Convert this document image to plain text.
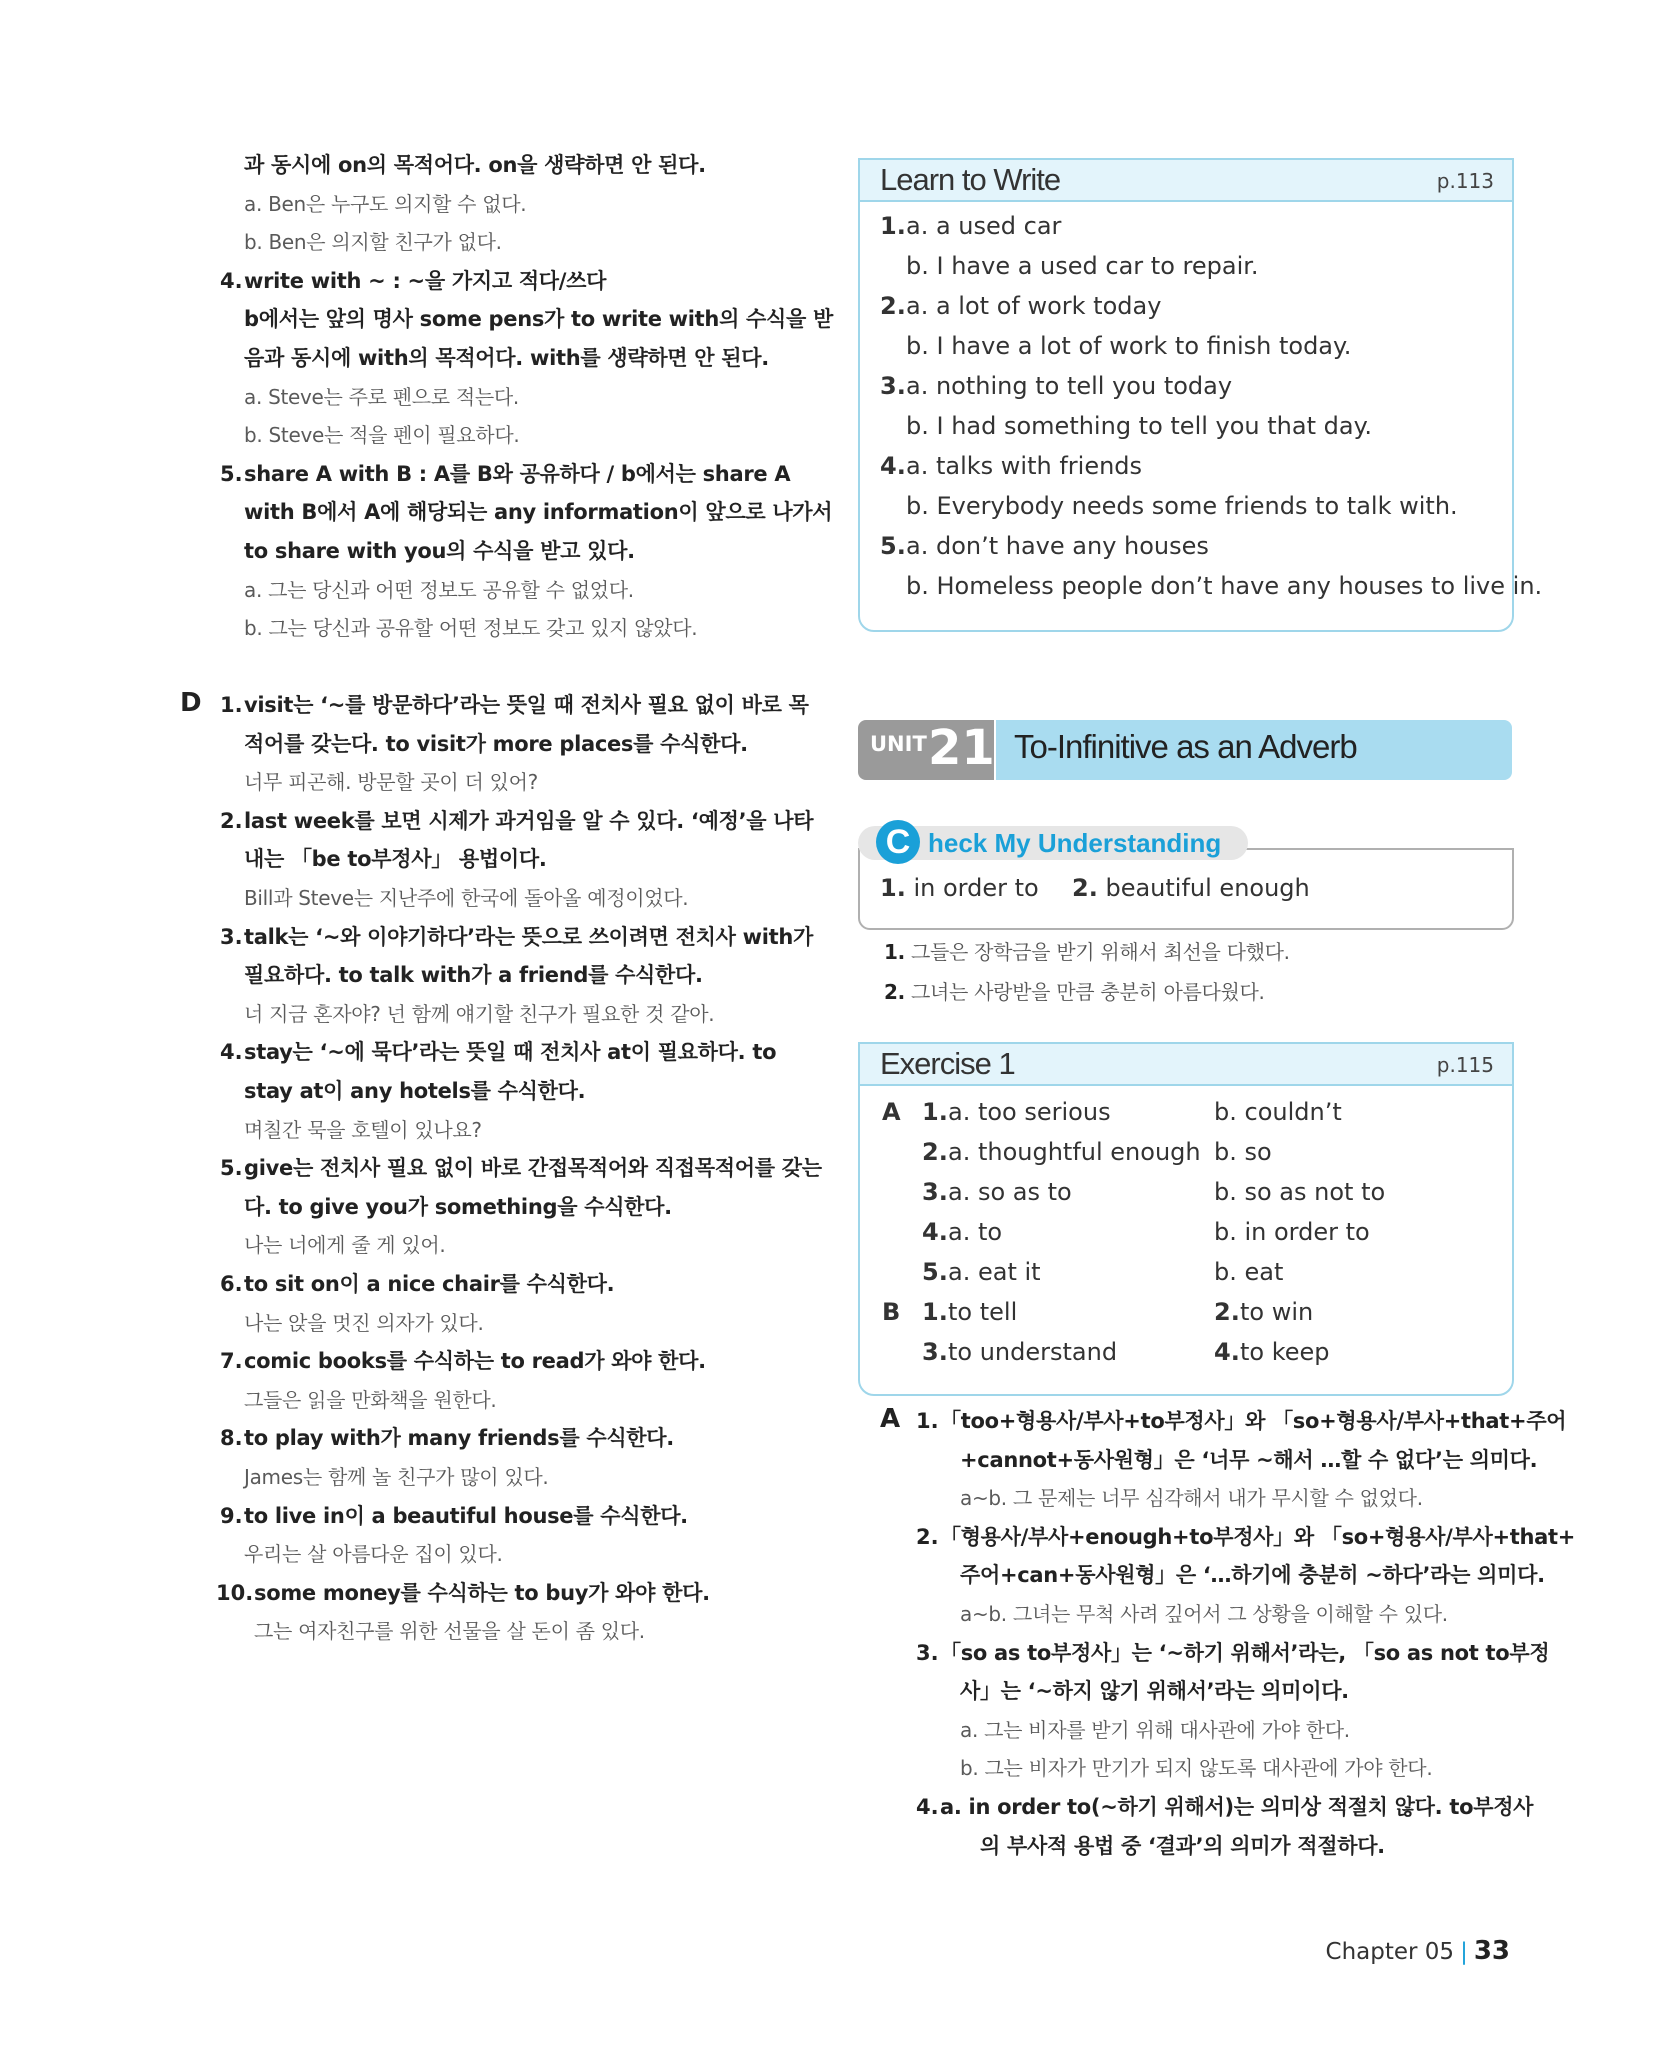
과 동시에 on의 목적어다. on을 생략하면 안 된다.
a. Ben은 누구도 의지할 수 없다.
b. Ben은 의지할 친구가 없다.
4. write with ~ : ~을 가지고 적다/쓰다
b에서는 앞의 명사 some pens가 to write with의 수식을 받
음과 동시에 with의 목적어다. with를 생략하면 안 된다.
a. Steve는 주로 펜으로 적는다.
b. Steve는 적을 펜이 필요하다.
5. share A with B : A를 B와 공유하다 / b에서는 share A
with B에서 A에 해당되는 any information이 앞으로 나가서
to share with you의 수식을 받고 있다.
a. 그는 당신과 어떤 정보도 공유할 수 없었다.
b. 그는 당신과 공유할 어떤 정보도 갖고 있지 않았다.
D 1. visit는 ‘~를 방문하다’라는 뜻일 때 전치사 필요 없이 바로 목
적어를 갖는다. to visit가 more places를 수식한다.
너무 피곤해. 방문할 곳이 더 있어?
2. last week를 보면 시제가 과거임을 알 수 있다. ‘예정’을 나타
내는 「be to부정사」 용법이다.
Bill과 Steve는 지난주에 한국에 돌아올 예정이었다.
3. talk는 ‘~와 이야기하다’라는 뜻으로 쓰이려면 전치사 with가
필요하다. to talk with가 a friend를 수식한다.
너 지금 혼자야? 넌 함께 얘기할 친구가 필요한 것 같아.
4. stay는 ‘~에 묵다’라는 뜻일 때 전치사 at이 필요하다. to
stay at이 any hotels를 수식한다.
며칠간 묵을 호텔이 있나요?
5. give는 전치사 필요 없이 바로 간접목적어와 직접목적어를 갖는
다. to give you가 something을 수식한다.
나는 너에게 줄 게 있어.
6. to sit on이 a nice chair를 수식한다.
나는 앉을 멋진 의자가 있다.
7. comic books를 수식하는 to read가 와야 한다.
그들은 읽을 만화책을 원한다.
8. to play with가 many friends를 수식한다.
James는 함께 놀 친구가 많이 있다.
9. to live in이 a beautiful house를 수식한다.
우리는 살 아름다운 집이 있다.
10. some money를 수식하는 to buy가 와야 한다.
그는 여자친구를 위한 선물을 살 돈이 좀 있다.
Learn to Write	p.113
1. a. a used car
b. I have a used car to repair.
2. a. a lot of work today
b. I have a lot of work to finish today.
3. a. nothing to tell you today
b. I had something to tell you that day.
4. a. talks with friends
b. Everybody needs some friends to talk with.
5. a. don’t have any houses
b. Homeless people don’t have any houses to live in.
UNIT 21 To-Infinitive as an Adverb
1. in order to 2. beautiful enough
C heck My Understanding
1. 그들은 장학금을 받기 위해서 최선을 다했다.
2. 그녀는 사랑받을 만큼 충분히 아름다웠다.
Exercise 1	p.115
A 1. a. too serious	b. couldn’t
2. a. thoughtful enough b. so
3. a. so as to	b. so as not to
4. a. to	b. in order to
5. a. eat it	b. eat
B 1. to tell	2. to win
3. to understand	4. to keep
A 1. 「too+형용사/부사+to부정사」와 「so+형용사/부사+that+주어
+cannot+동사원형」은 ‘너무 ~해서 …할 수 없다’는 의미다.
a~b. 그 문제는 너무 심각해서 내가 무시할 수 없었다.
2. 「형용사/부사+enough+to부정사」와 「so+형용사/부사+that+
주어+can+동사원형」은 ‘…하기에 충분히 ~하다’라는 의미다.
a~b. 그녀는 무척 사려 깊어서 그 상황을 이해할 수 있다.
3. 「so as to부정사」는 ‘~하기 위해서’라는, 「so as not to부정
사」는 ‘~하지 않기 위해서’라는 의미이다.
a. 그는 비자를 받기 위해 대사관에 가야 한다.
b. 그는 비자가 만기가 되지 않도록 대사관에 가야 한다.
4. a. in order to(~하기 위해서)는 의미상 적절치 않다. to부정사
의 부사적 용법 중 ‘결과’의 의미가 적절하다.
Chapter 05 | 33
